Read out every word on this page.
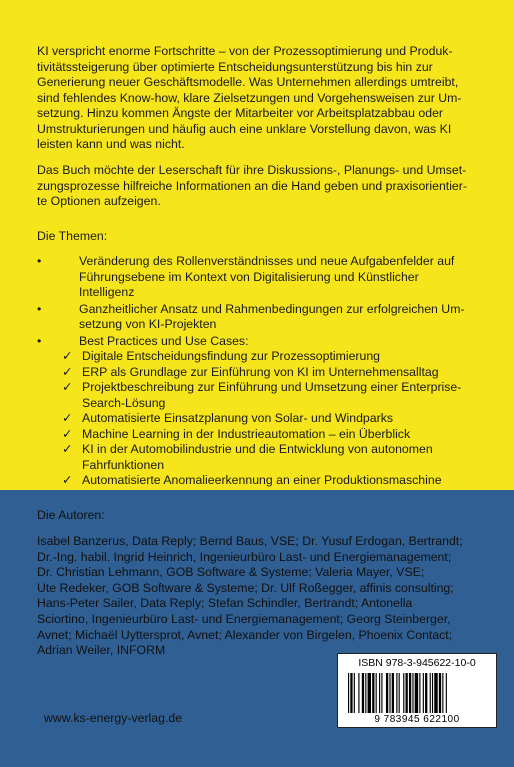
KI verspricht enorme Fortschritte – von der Prozessoptimierung und Produk-
tivitätssteigerung über optimierte Entscheidungsunterstützung bis hin zur
Generierung neuer Geschäftsmodelle. Was Unternehmen allerdings umtreibt,
sind fehlendes Know-how, klare Zielsetzungen und Vorgehensweisen zur Um-
setzung. Hinzu kommen Ängste der Mitarbeiter vor Arbeitsplatzabbau oder
Umstrukturierungen und häufig auch eine unklare Vorstellung davon, was KI
leisten kann und was nicht.

Das Buch möchte der Leserschaft für ihre Diskussions-, Planungs- und Umset-
zungsprozesse hilfreiche Informationen an die Hand geben und praxisorientier-
te Optionen aufzeigen.

Die Themen:

•	Veränderung des Rollenverständnisses und neue Aufgabenfelder auf
Führungsebene im Kontext von Digitalisierung und Künstlicher
Intelligenz
•	Ganzheitlicher Ansatz und Rahmenbedingungen zur erfolgreichen Um-
setzung von KI-Projekten
•	Best Practices und Use Cases:
✓ Digitale Entscheidungsfindung zur Prozessoptimierung
✓ ERP als Grundlage zur Einführung von KI im Unternehmensalltag
✓ Projektbeschreibung zur Einführung und Umsetzung einer Enterprise-
Search-Lösung
✓ Automatisierte Einsatzplanung von Solar- und Windparks
✓ Machine Learning in der Industrieautomation – ein Überblick
✓ KI in der Automobilindustrie und die Entwicklung von autonomen
Fahrfunktionen
✓ Automatisierte Anomalieerkennung an einer Produktionsmaschine
Die Autoren:
Isabel Banzerus, Data Reply; Bernd Baus, VSE; Dr. Yusuf Erdogan, Bertrandt;
Dr.-Ing. habil. Ingrid Heinrich, Ingenieurbüro Last- und Energiemanagement;
Dr. Christian Lehmann, GOB Software & Systeme; Valeria Mayer, VSE;
Ute Redeker, GOB Software & Systeme; Dr. Ulf Roßegger, affinis consulting;
Hans-Peter Sailer, Data Reply; Stefan Schindler, Bertrandt; Antonella
Sciortino, Ingenieurbüro Last- und Energiemanagement; Georg Steinberger,
Avnet; Michaël Uyttersprot, Avnet; Alexander von Birgelen, Phoenix Contact;
Adrian Weiler, INFORM
ISBN 978-3-945622-10-0
9 783945 622100
www.ks-energy-verlag.de
